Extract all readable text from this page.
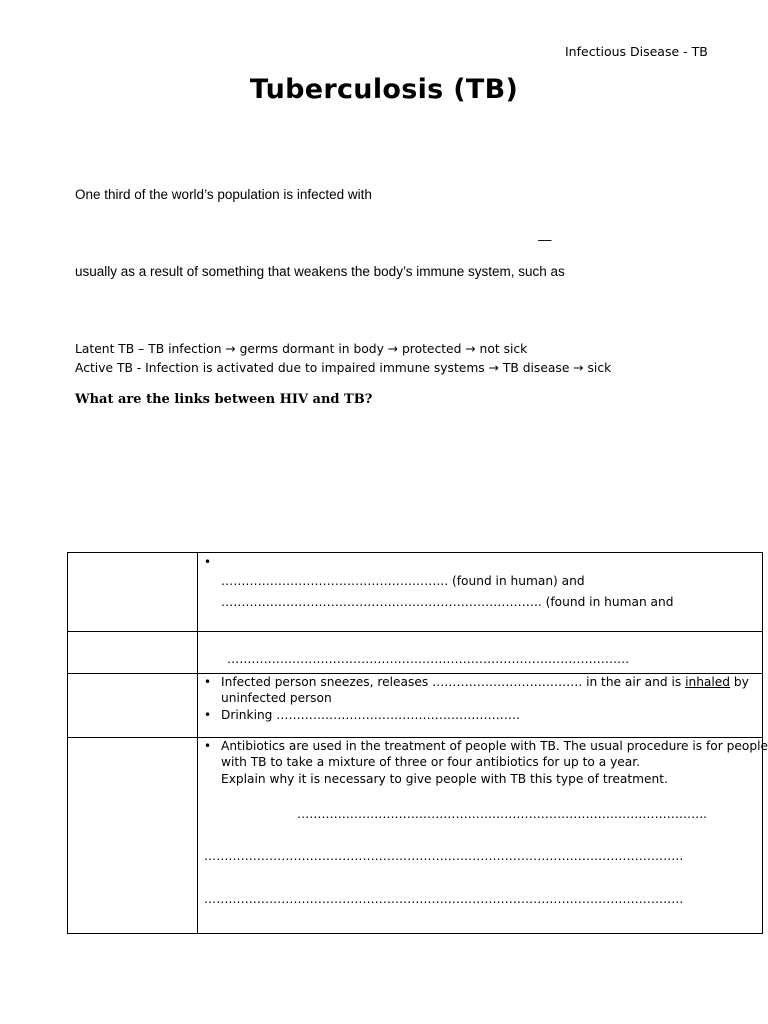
Infectious Disease - TB
Tuberculosis (TB)
One third of the world’s population is infected with
—
usually as a result of something that weakens the body’s immune system, such as
Latent TB – TB infection → germs dormant in body → protected → not sick
Active TB - Infection is activated due to impaired immune systems → TB disease → sick
What are the links between HIV and TB?
•
……………………………………………….. (found in human) and
……………………………………………………………………. (found in human and
………………………………………………………………………………………
• Infected person sneezes, releases ………………………………. in the air and is inhaled by
uninfected person
• Drinking ……………………………………………………
• Antibiotics are used in the treatment of people with TB. The usual procedure is for people
with TB to take a mixture of three or four antibiotics for up to a year.
Explain why it is necessary to give people with TB this type of treatment.
………………………………………………………………………………………..
……………………………………………………………………………………………………….
……………………………………………………………………………………………………….
